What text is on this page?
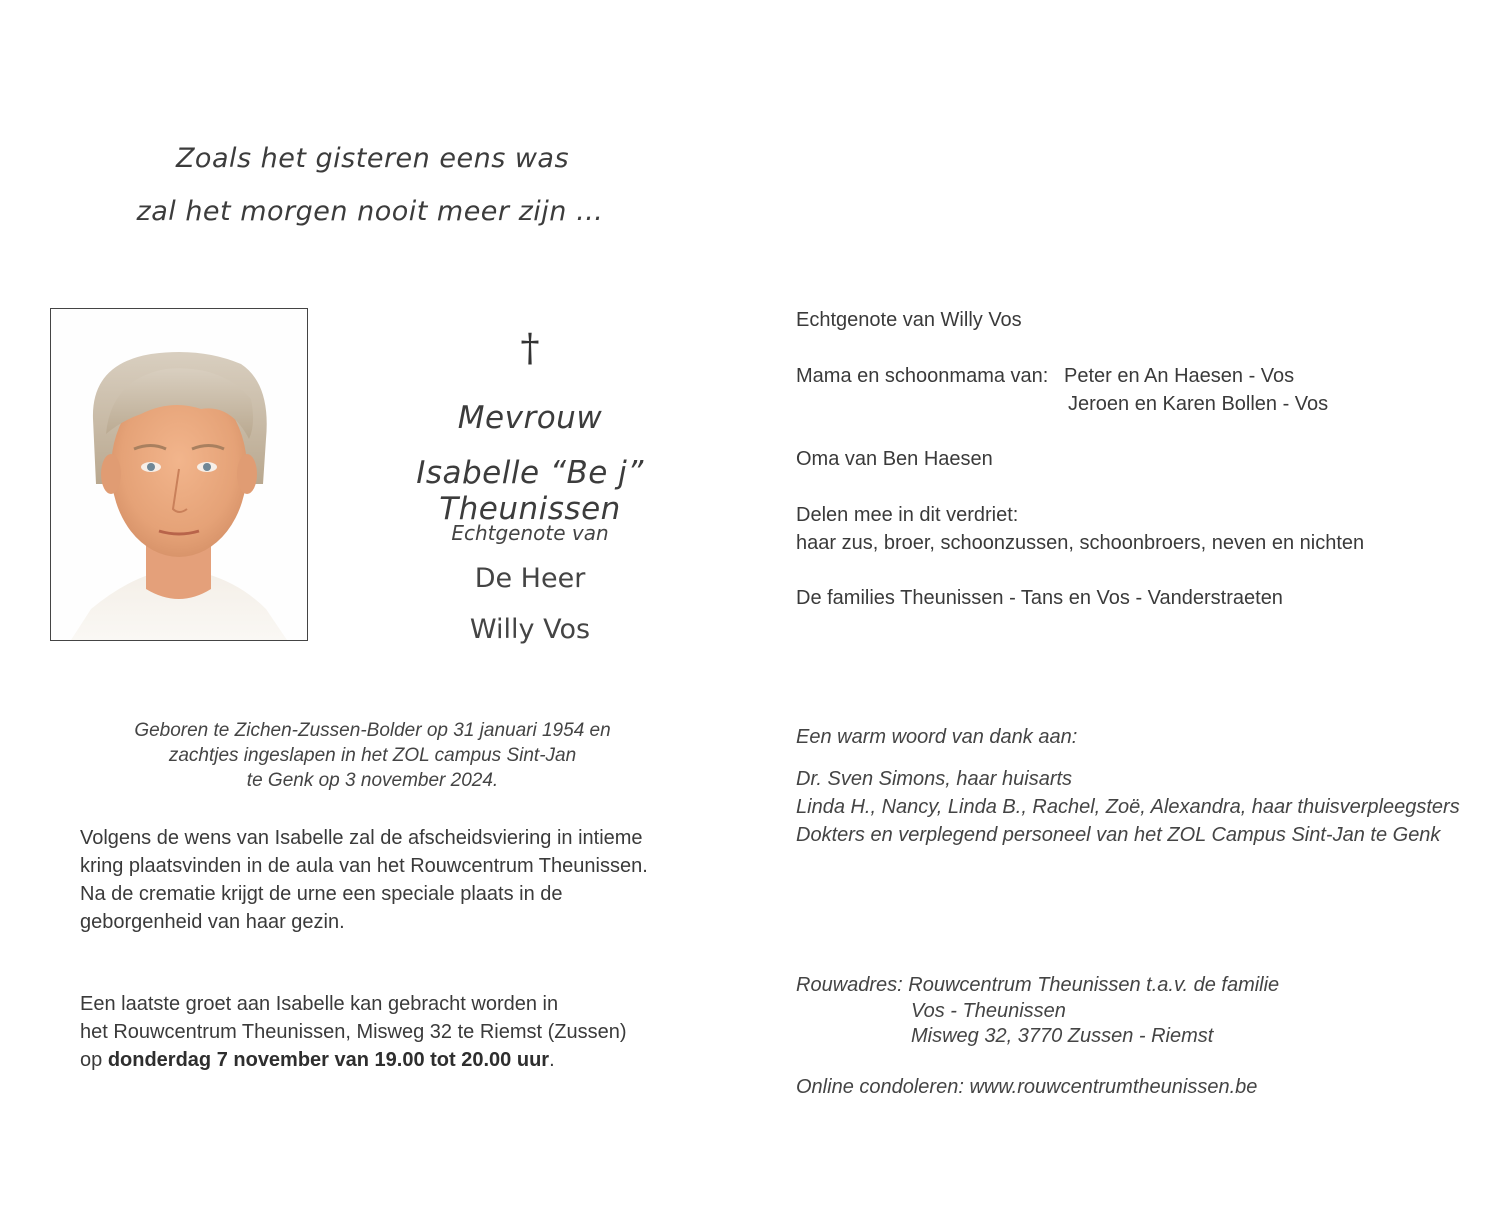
Zoals het gisteren eens was
zal het morgen nooit meer zijn …
†
Mevrouw
Isabelle “Be j” Theunissen
Echtgenote van
De Heer
Willy Vos
Geboren te Zichen-Zussen-Bolder op 31 januari 1954 en
zachtjes ingeslapen in het ZOL campus Sint-Jan
te Genk op 3 november 2024.
Volgens de wens van Isabelle zal de afscheidsviering in intieme
kring plaatsvinden in de aula van het Rouwcentrum Theunissen.
Na de crematie krijgt de urne een speciale plaats in de
geborgenheid van haar gezin.
Een laatste groet aan Isabelle kan gebracht worden in
het Rouwcentrum Theunissen, Misweg 32 te Riemst (Zussen)
op donderdag 7 november van 19.00 tot 20.00 uur.
Echtgenote van Willy Vos
Mama en schoonmama van: Peter en An Haesen - Vos
Jeroen en Karen Bollen - Vos
Oma van Ben Haesen
Delen mee in dit verdriet:
haar zus, broer, schoonzussen, schoonbroers, neven en nichten
De families Theunissen - Tans en Vos - Vanderstraeten
Een warm woord van dank aan:
Dr. Sven Simons, haar huisarts
Linda H., Nancy, Linda B., Rachel, Zoë, Alexandra, haar thuisverpleegsters
Dokters en verplegend personeel van het ZOL Campus Sint-Jan te Genk
Rouwadres: Rouwcentrum Theunissen t.a.v. de familie
Vos - Theunissen
Misweg 32, 3770 Zussen - Riemst
Online condoleren: www.rouwcentrumtheunissen.be
